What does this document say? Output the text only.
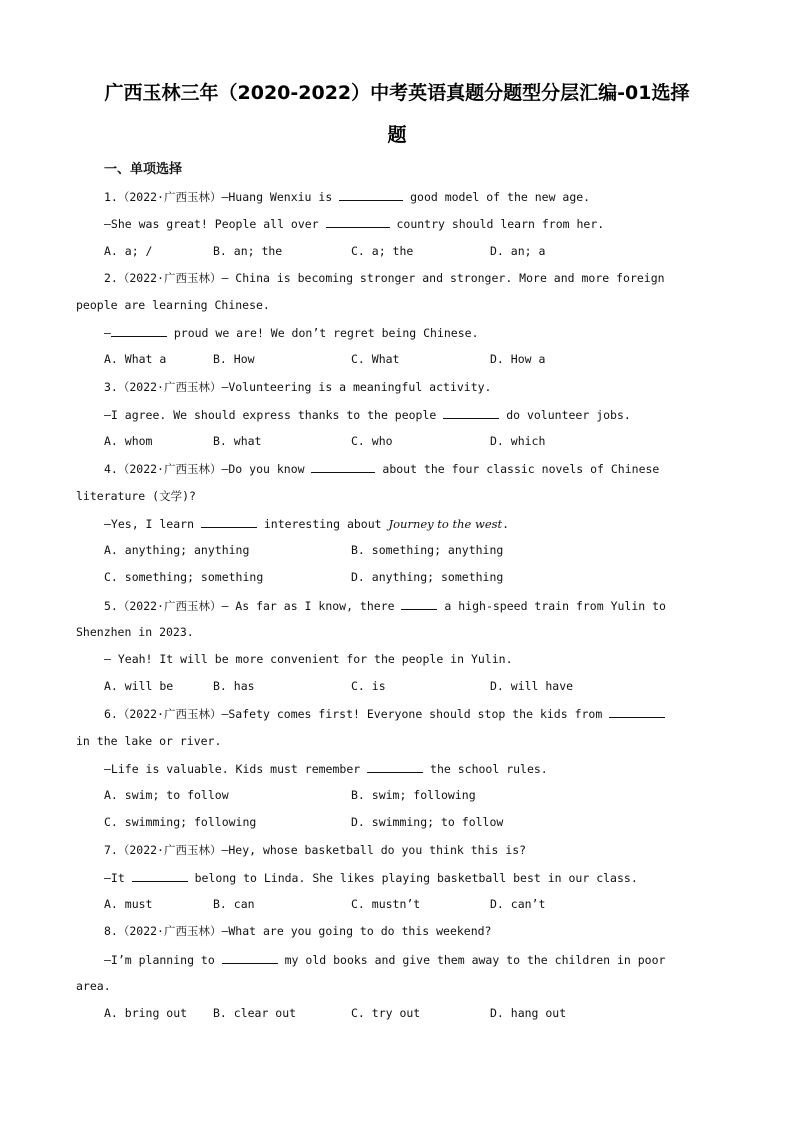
广西玉林三年（2020-2022）中考英语真题分题型分层汇编-01选择
题
一、单项选择
1.（2022·广西玉林）—Huang Wenxiu is	good model of the new age.
—She was great! People all over	country should learn from her.
A. a; /	B. an; the	C. a; the	D. an; a
2.（2022·广西玉林）— China is becoming stronger and stronger. More and more foreign
people are learning Chinese.
—	proud we are! We don’t regret being Chinese.
A. What a	B. How	C. What	D. How a
3.（2022·广西玉林）—Volunteering is a meaningful activity.
—I agree. We should express thanks to the people	do volunteer jobs.
A. whom	B. what	C. who	D. which
4.（2022·广西玉林）—Do you know	about the four classic novels of Chinese
literature (文学)?
—Yes, I learn	interesting about Journey to the west.
A. anything; anything	B. something; anything
C. something; something	D. anything; something
5.（2022·广西玉林）— As far as I know, there	a high-speed train from Yulin to
Shenzhen in 2023.
— Yeah! It will be more convenient for the people in Yulin.
A. will be	B. has	C. is	D. will have
6.（2022·广西玉林）—Safety comes first! Everyone should stop the kids from
in the lake or river.
—Life is valuable. Kids must remember	the school rules.
A. swim; to follow	B. swim; following
C. swimming; following	D. swimming; to follow
7.（2022·广西玉林）—Hey, whose basketball do you think this is?
—It	belong to Linda. She likes playing basketball best in our class.
A. must	B. can	C. mustn’t	D. can’t
8.（2022·广西玉林）—What are you going to do this weekend?
—I’m planning to	my old books and give them away to the children in poor
area.
A. bring out B. clear out	C. try out	D. hang out
